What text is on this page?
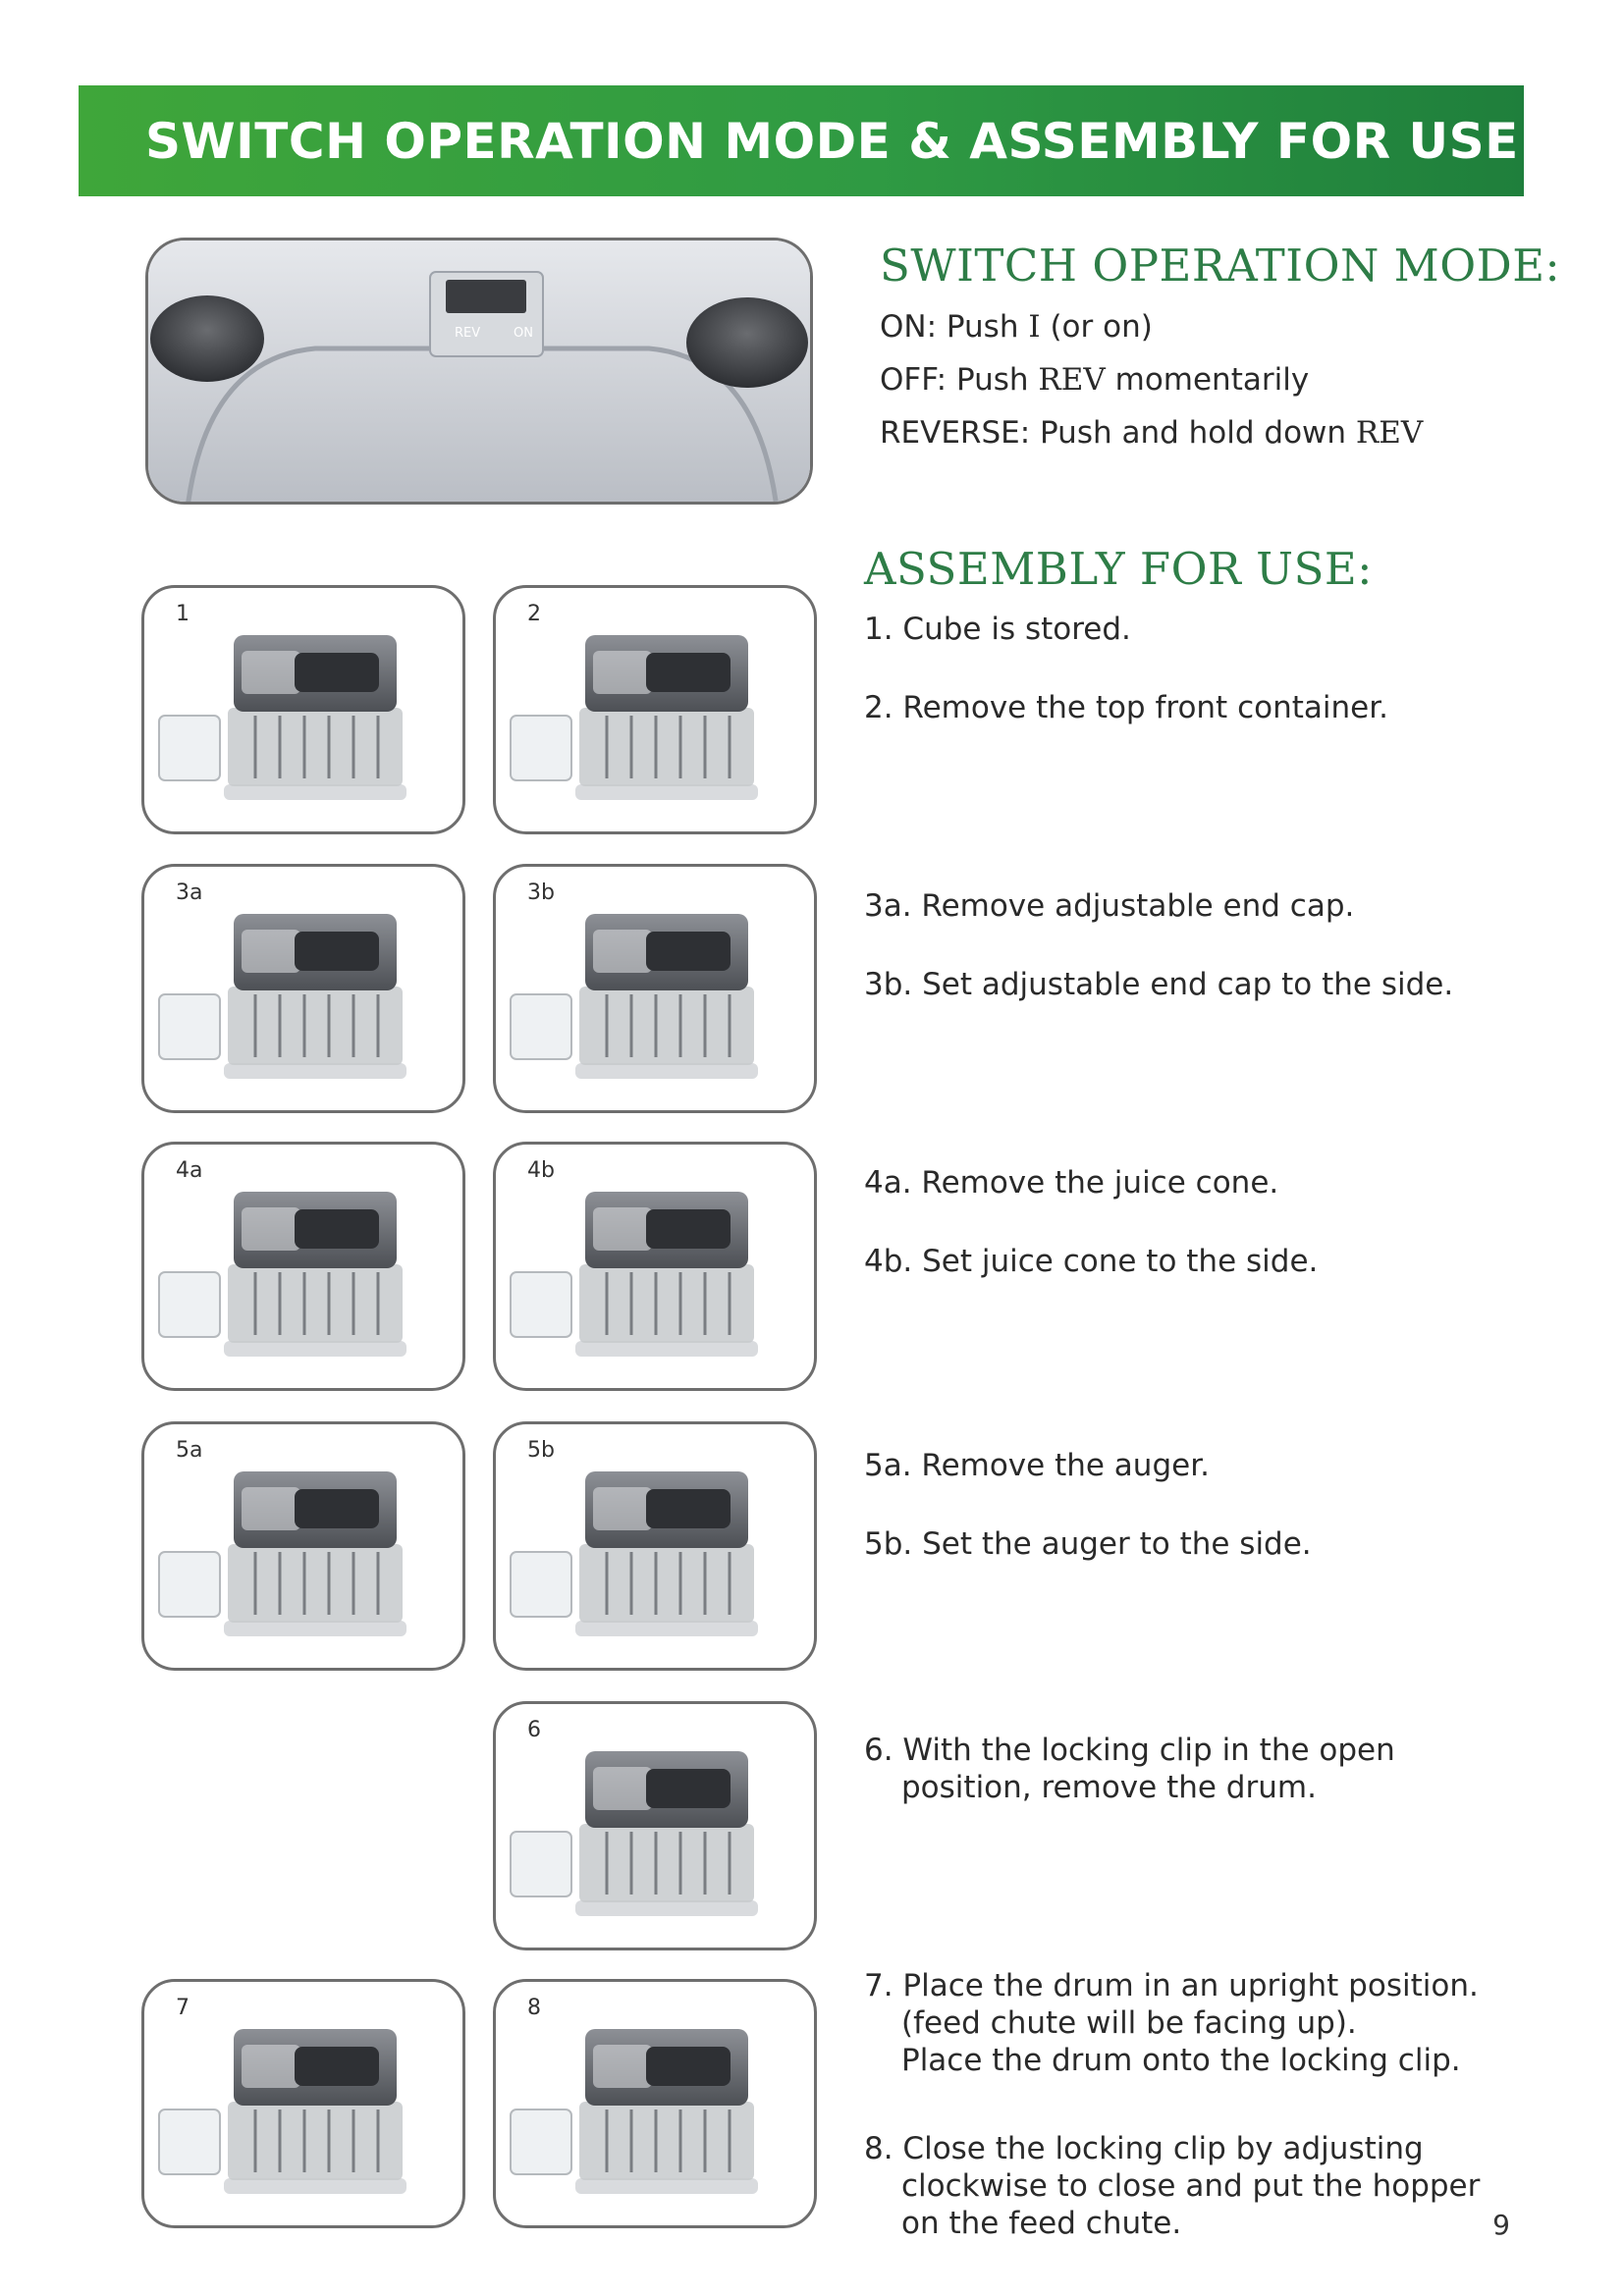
SWITCH OPERATION MODE & ASSEMBLY FOR USE
REV	ON
SWITCH OPERATION MODE:
ON: Push I (or on)
OFF: Push REV momentarily
REVERSE: Push and hold down REV
ASSEMBLY FOR USE:
1	2
3a	3b
4a	4b
5a	5b
6
7	8
1. Cube is stored.
2. Remove the top front container.
3a. Remove adjustable end cap.
3b. Set adjustable end cap to the side.
4a. Remove the juice cone.
4b. Set juice cone to the side.
5a. Remove the auger.
5b. Set the auger to the side.
6. With the locking clip in the open
position, remove the drum.
7. Place the drum in an upright position.
(feed chute will be facing up).
Place the drum onto the locking clip.
8. Close the locking clip by adjusting
clockwise to close and put the hopper
on the feed chute.	9
